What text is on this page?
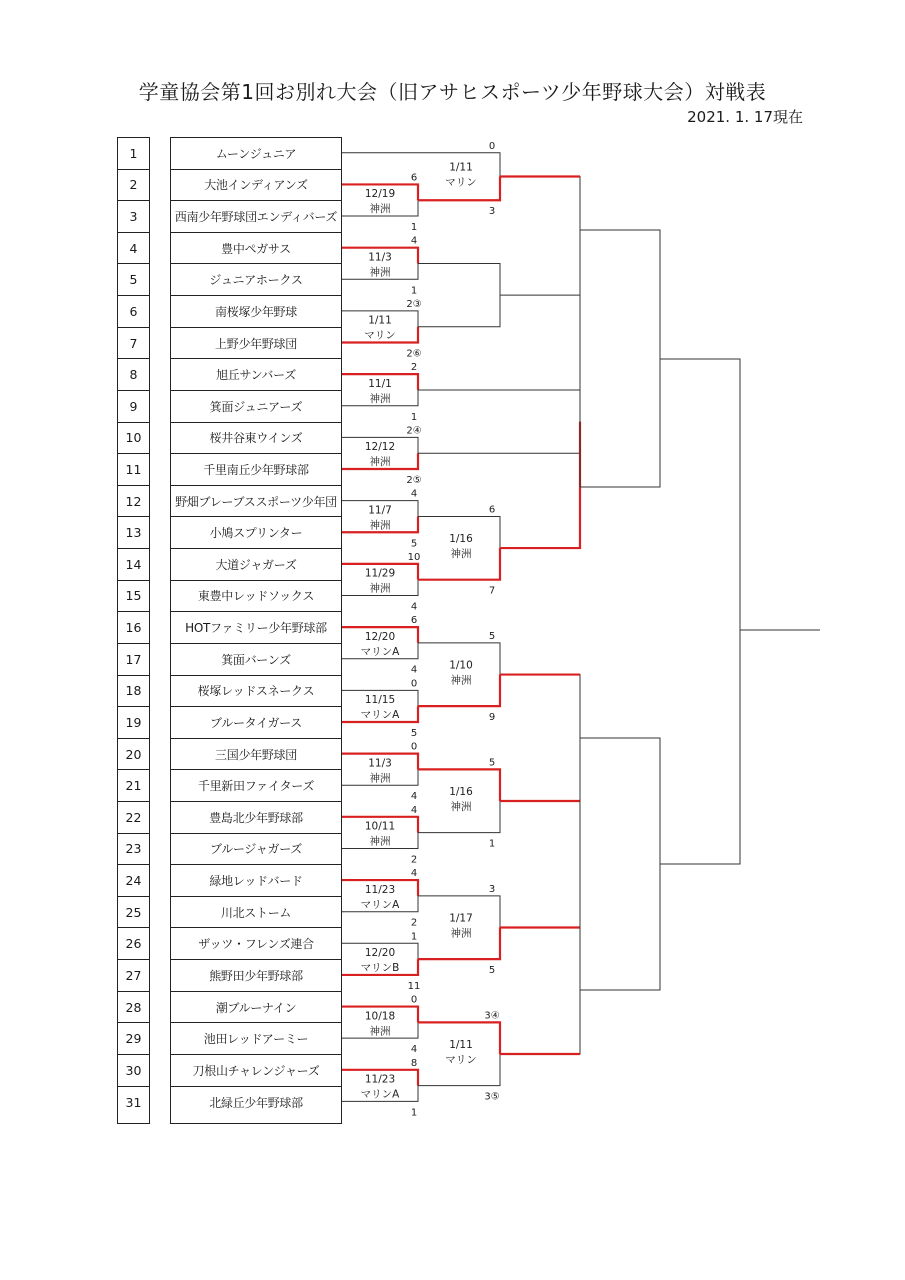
学童協会第1回お別れ大会（旧アサヒスポーツ少年野球大会）対戦表
2021. 1. 17現在
1
2
3
4
5
6
7
8
9
10
11
12
13
14
15
16
17
18
19
20
21
22
23
24
25
26
27
28
29
30
31
ムーンジュニア
大池インディアンズ
西南少年野球団エンディバーズ
豊中ペガサス
ジュニアホークス
南桜塚少年野球
上野少年野球団
旭丘サンバーズ
箕面ジュニアーズ
桜井谷東ウインズ
千里南丘少年野球部
野畑ブレーブススポーツ少年団
小鳩スプリンター
大道ジャガーズ
東豊中レッドソックス
HOTファミリー少年野球部
箕面バーンズ
桜塚レッドスネークス
ブルータイガース
三国少年野球団
千里新田ファイターズ
豊島北少年野球部
ブルージャガーズ
緑地レッドバード
川北ストーム
ザッツ・フレンズ連合
熊野田少年野球部
潮ブルーナイン
池田レッドアーミー
刀根山チャレンジャーズ
北緑丘少年野球部
12/19
神洲
6
1
11/3
神洲
4
1
1/11
マリン
2③
2⑥
11/1
神洲
2
1
12/12
神洲
2④
2⑤
11/7
神洲
4
5
11/29
神洲
10
4
12/20
マリンA
6
4
11/15
マリンA
0
5
11/3
神洲
0
4
10/11
神洲
4
2
11/23
マリンA
4
2
12/20
マリンB
1
11
10/18
神洲
0
4
11/23
マリンA
8
1
1/11
マリン
0
3
1/16
神洲
6
7
1/10
神洲
5
9
1/16
神洲
5
1
1/17
神洲
3
5
1/11
マリン
3④
3⑤
